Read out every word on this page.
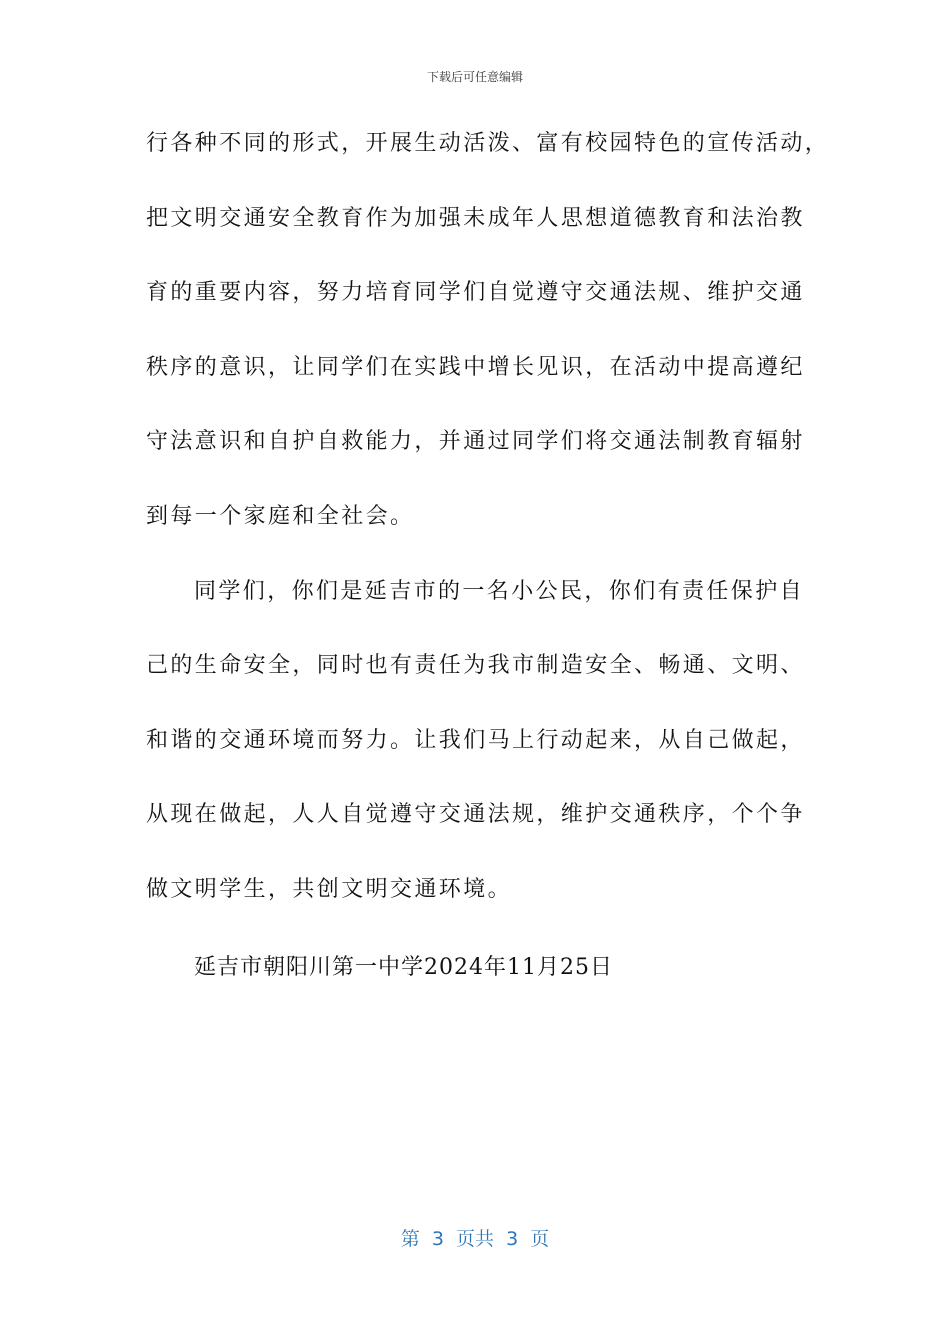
下载后可任意编辑
行各种不同的形式，开展生动活泼、富有校园特色的宣传活动，
把文明交通安全教育作为加强未成年人思想道德教育和法治教
育的重要内容，努力培育同学们自觉遵守交通法规、维护交通
秩序的意识，让同学们在实践中增长见识，在活动中提高遵纪
守法意识和自护自救能力，并通过同学们将交通法制教育辐射
到每一个家庭和全社会。
同学们，你们是延吉市的一名小公民，你们有责任保护自
己的生命安全，同时也有责任为我市制造安全、畅通、文明、
和谐的交通环境而努力。让我们马上行动起来，从自己做起，
从现在做起，人人自觉遵守交通法规，维护交通秩序，个个争
做文明学生，共创文明交通环境。
延吉市朝阳川第一中学2024年11月25日
第  3  页共  3  页
